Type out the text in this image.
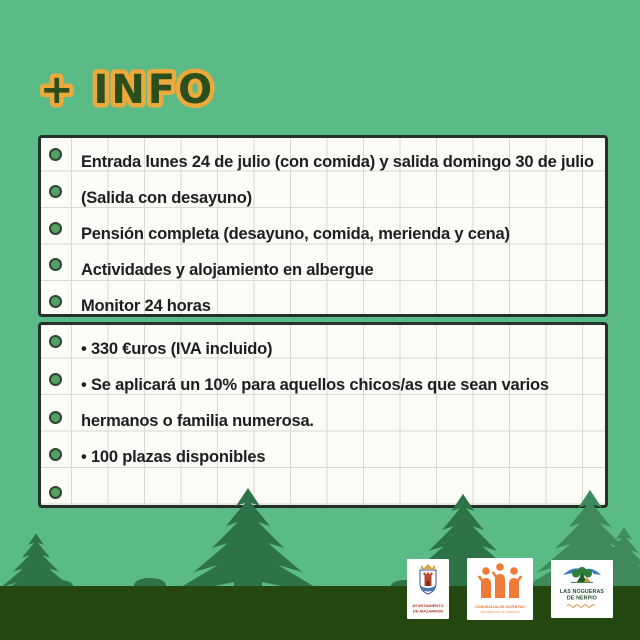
+ INFO

Entrada lunes 24 de julio (con comida) y salida domingo 30 de julio (Salida con desayuno)

Pensión completa (desayuno, comida, merienda y cena)

Actividades y alojamiento en albergue

Monitor 24 horas

• 330 €uros (IVA incluido)

• Se aplicará un 10% para aquellos chicos/as que sean varios hermanos o familia numerosa.

• 100 plazas disponibles

AYUNTAMIENTO
DE MAZARRÓN
CONCEJALÍA DE JUVENTUD
Ayuntamiento de Mazarrón
LAS NOGUERAS
DE NERPIO
